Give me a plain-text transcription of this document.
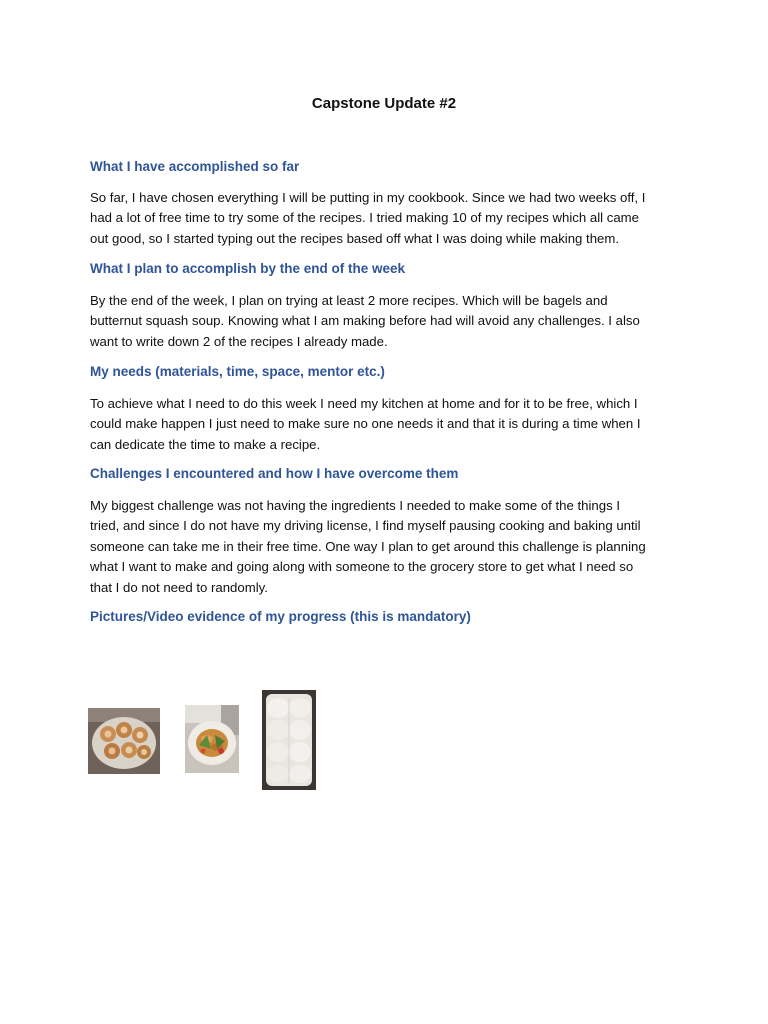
Capstone Update #2
What I have accomplished so far
So far, I have chosen everything I will be putting in my cookbook. Since we had two weeks off, I
had a lot of free time to try some of the recipes. I tried making 10 of my recipes which all came
out good, so I started typing out the recipes based off what I was doing while making them.
What I plan to accomplish by the end of the week
By the end of the week, I plan on trying at least 2 more recipes. Which will be bagels and
butternut squash soup. Knowing what I am making before had will avoid any challenges. I also
want to write down 2 of the recipes I already made.
My needs (materials, time, space, mentor etc.)
To achieve what I need to do this week I need my kitchen at home and for it to be free, which I
could make happen I just need to make sure no one needs it and that it is during a time when I
can dedicate the time to make a recipe.
Challenges I encountered and how I have overcome them
My biggest challenge was not having the ingredients I needed to make some of the things I
tried, and since I do not have my driving license, I find myself pausing cooking and baking until
someone can take me in their free time. One way I plan to get around this challenge is planning
what I want to make and going along with someone to the grocery store to get what I need so
that I do not need to randomly.
Pictures/Video evidence of my progress (this is mandatory)
